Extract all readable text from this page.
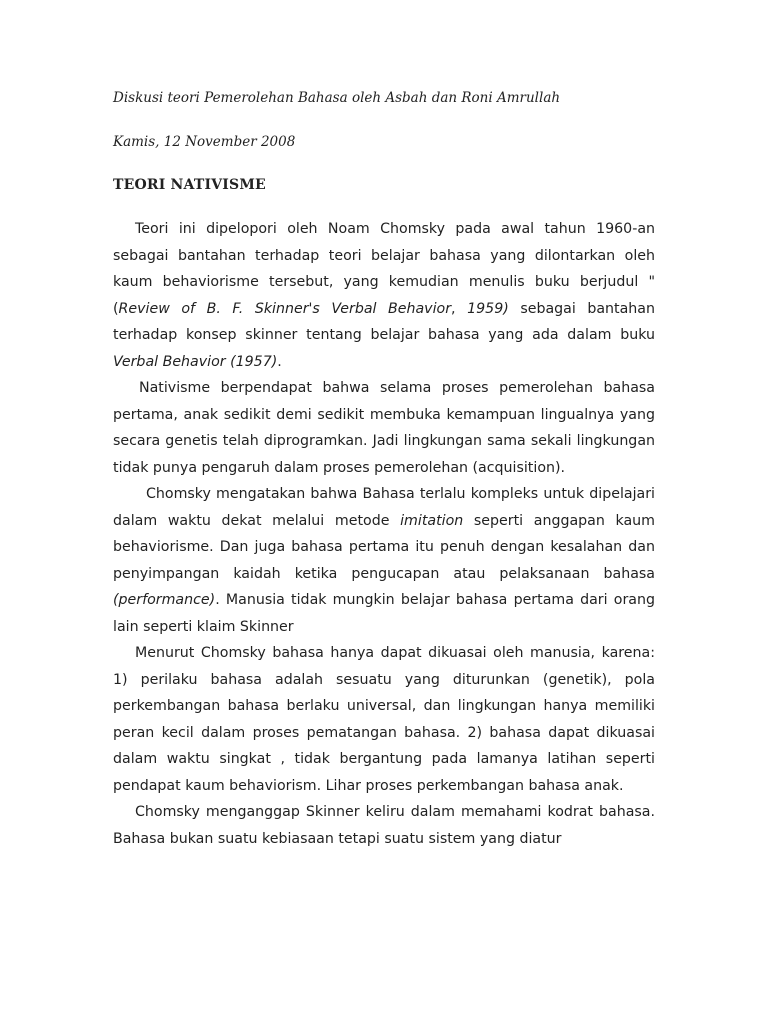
Diskusi teori Pemerolehan Bahasa oleh Asbah dan Roni Amrullah
Kamis, 12 November 2008
TEORI NATIVISME

Teori ini dipelopori oleh Noam Chomsky pada awal tahun 1960-an sebagai bantahan terhadap teori belajar bahasa yang dilontarkan oleh kaum behaviorisme tersebut, yang kemudian menulis buku berjudul "(Review of B. F. Skinner's Verbal Behavior, 1959) sebagai bantahan terhadap konsep skinner tentang belajar bahasa yang ada dalam buku Verbal Behavior (1957).

Nativisme berpendapat bahwa selama proses pemerolehan bahasa pertama, anak sedikit demi sedikit membuka kemampuan lingualnya yang secara genetis telah diprogramkan. Jadi lingkungan sama sekali lingkungan tidak punya pengaruh dalam proses pemerolehan (acquisition).

Chomsky mengatakan bahwa Bahasa terlalu kompleks untuk dipelajari dalam waktu dekat melalui metode imitation seperti anggapan kaum behaviorisme. Dan juga bahasa pertama itu penuh dengan kesalahan dan penyimpangan kaidah ketika pengucapan atau pelaksanaan bahasa (performance). Manusia tidak mungkin belajar bahasa pertama dari orang lain seperti klaim Skinner

Menurut Chomsky bahasa hanya dapat dikuasai oleh manusia, karena: 1) perilaku bahasa adalah sesuatu yang diturunkan (genetik), pola perkembangan bahasa berlaku universal, dan lingkungan hanya memiliki peran kecil dalam proses pematangan bahasa. 2) bahasa dapat dikuasai dalam waktu singkat , tidak bergantung pada lamanya latihan seperti pendapat kaum behaviorism. Lihar proses perkembangan bahasa anak.

Chomsky menganggap Skinner keliru dalam memahami kodrat bahasa. Bahasa bukan suatu kebiasaan tetapi suatu sistem yang diatur
